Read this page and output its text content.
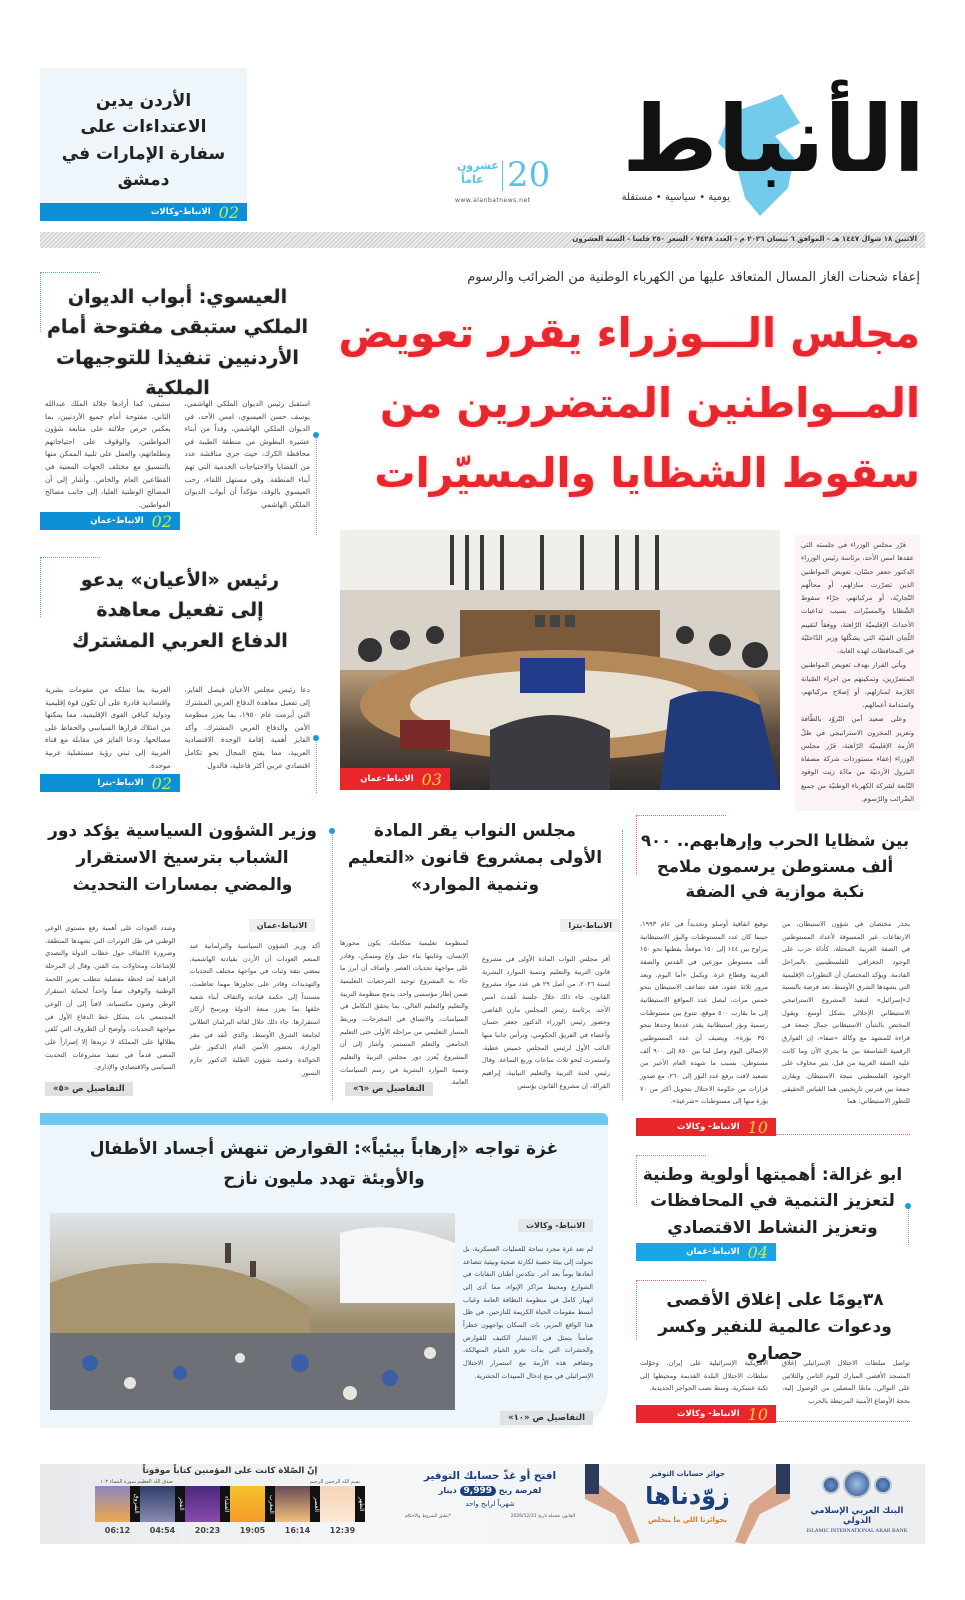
الأنباط
يومية • سياسية • مستقلة
20
عشرون
عاماً
www.alanbatnews.net
الأردن يدين الاعتداءات على سفارة الإمارات في دمشق
02
الانباط-وكالات
الاثنين ١٨ شوال ١٤٤٧ هـ - الموافق ٦ نيسان ٢٠٢٦ م - العدد ٧٤٢٨ - السعر ٢٥٠ فلسا - السنة العشرون
إعفاء شحنات الغاز المسال المتعاقد عليها من الكهرباء الوطنية من الضرائب والرسوم
مجلس الـــوزراء يقرر تعويض
المــواطنين المتضررين من
سقوط الشظايا والمسيّرات
03
الانباط-عمان

قرّر مجلس الوزراء في جلسته التي عقدها امس الأحد، برئاسة رئيس الوزراء الدكتور جعفر حسّان، تعويض المواطنين الذين تضرّرت منازلهم، أو محالّهم التّجاريّة، أو مركباتهم، جرّاء سقوط الشّظايا والمسيّرات بسبب تداعيات الأحداث الإقليميّة الرّاهنة، ووفقاً لتقييم اللّجان الفنيّة التي يشكّلها وزير الدّاخليّة في المحافظات لهذه الغاية.

ويأتي القرار بهدف تعويض المواطنين المتضرّرين، وتمكينهم من اجراء الصّيانة اللازمة لمنازلهم، أو إصلاح مركباتهم، واستدامة أعمالهم.

وعلى صعيد أمن التّزوّد بالطّاقة وتعزيز المخزون الاستراتيجي في ظلّ الأزمة الإقليميّة الرّاهنة، قرّر مجلس الوزراء إعفاء مستوردات شركة مصفاة البترول الأردنيّة من مادّة زيت الوقود التّابعة لشركة الكهرباء الوطنيّة من جميع الضّرائب والرّسوم.

العيسوي: أبواب الديوان الملكي ستبقى مفتوحة أمام الأردنيين تنفيذا للتوجيهات الملكية
استقبل رئيس الديوان الملكي الهاشمي، يوسف حسن العيسوي، امس الأحد، في الديوان الملكي الهاشمي، وفداً من أبناء عشيرة البطوش من منطقة الطيبة في محافظة الكرك، حيث جرى مناقشة عدد من القضايا والاحتياجات الخدمية التي تهم أبناء المنطقة. وفي مستهل اللقاء، رحب العيسوي بالوفد، مؤكداً أن أبواب الديوان الملكي الهاشمي
ستبقى، كما أرادها جلالة الملك عبدالله الثاني، مفتوحة أمام جميع الأردنيين، بما يعكس حرص جلالته على متابعة شؤون المواطنين، والوقوف على احتياجاتهم وتطلعاتهم، والعمل على تلبية الممكن منها بالتنسيق مع مختلف الجهات المعنية في القطاعين العام والخاص. وأشار إلى أن المصالح الوطنية العليا، إلى جانب مصالح المواطنين.
02
الانباط-عمان
رئيس «الأعيان» يدعو إلى تفعيل معاهدة الدفاع العربي المشترك
دعا رئيس مجلس الأعيان فيصل الفايز، إلى تفعيل معاهدة الدفاع العربي المشترك التي أبرمت عام ١٩٥٠، بما يعزز منظومة الأمن والدفاع العربي المشترك. وأكد الفايز أهمية إقامة الوحدة الاقتصادية العربية، مما يفتح المجال نحو تكامل اقتصادي عربي أكثر فاعلية، فالدول
العربية بما تملكه من مقومات بشرية واقتصادية قادرة على أن تكون قوة إقليمية ودولية كباقي القوى الإقليمية، مما يمكنها من امتلاك قرارها السياسي والحفاظ على مصالحها. ودعا الفايز في مقابلة مع قناة العربية إلى تبني رؤية مستقبلية عربية موحدة.
02
الانباط-بترا
بين شظايا الحرب وإرهابهم.. ٩٠٠ ألف مستوطن يرسمون ملامح نكبة موازية في الضفة
يحذر مختصان في شؤون الاستيطان، من الارتفاعات غير المسبوقة لأعداد المستوطنين في الضفة الغربية المحتلة، كأداة حرب على الوجود الجغرافي للفلسطينيين بالمراحل القادمة. ويؤكد المختصان أن التطورات الإقليمية التي يشهدها الشرق الأوسط، تعد فرصة بالنسبة لـ«إسرائيل» لتنفيذ المشروع الاستراتيجي الاستيطاني الإحلالي بشكل أوسع. ويقول المختص بالشأن الاستيطاني جمال جمعة في قراءة للمشهد مع وكالة «صفا»، إن الفوارق الرقمية الشاسعة بين ما يجري الآن وما كانت عليه الضفة الغربية من قبل، يثير مخاوف على الوجود الفلسطيني نتيجة الاستيطان. ويقارن جمعة بين فترتين تاريخيتين هما القياس الحقيقي للتطور الاستيطاني: هما
توقيع اتفاقية أوسلو وتحديداً في عام ١٩٩٣، حينما كان عدد المستوطنات والبؤر الاستيطانية يتراوح بين ١٤٤ إلى ١٥٠ موقعاً، يقطنها نحو ١٥٠ ألف مستوطن موزعين في القدس والضفة الغربية وقطاع غزة. ويكمل «أما اليوم، وبعد مرور ثلاثة عقود، فقد تضاعف الاستيطان بنحو خمس مرات، ليصل عدد المواقع الاستيطانية إلى ما يقارب ٥٠٠ موقع، تتنوع بين مستوطنات رسمية وبؤر استيطانية يقدر عددها وحدها بنحو ٣٥٠ بؤرة». ويضيف أن عدد المستوطنين الإجمالي اليوم وصل لما بين ٨٥٠ إلى ٩٠٠ ألف مستوطن، بسبب ما شهده العام الأخير من تصعيد لافت برفع عدد البؤر إلى ٢٦٠، مع صدور قرارات من حكومة الاحتلال بتحويل أكثر من ٧٠ بؤرة منها إلى مستوطنات «شرعية».
10
الانباط- وكالات
مجلس النواب يقر المادة الأولى بمشروع قانون «التعليم وتنمية الموارد»
الانباط-بترا
أقر مجلس النواب المادة الأولى في مشروع قانون التربية والتعليم وتنمية الموارد البشرية لسنة ٢٠٢٦، من أصل ٢٩ هي عدد مواد مشروع القانون. جاء ذلك خلال جلسة عُقدت امس الأحد، برئاسة رئيس المجلس مازن القاضي وحضور رئيس الوزراء الدكتور جعفر حسان وأعضاء في الفريق الحكومي، وترأس جانبا منها النائب الأول لرئيس المجلس خميس عطية، واستمرت لنحو ثلاث ساعات وربع الساعة. وقال رئيس لجنة التربية والتعليم النيابية، إبراهيم القرالة، إن مشروع القانون يؤسس
لمنظومة تعليمية متكاملة، يكون محورها الإنسان، وغايتها بناء جيل واع ومتمكن، وقادر على مواجهة تحديات العصر. وأضاف أن أبرز ما جاء به المشروع توحيد المرجعيات التعليمية ضمن إطار مؤسسي واحد، يدمج منظومة التربية والتعليم والتعليم العالي، بما يحقق التكامل في السياسات، والاتساق في المخرجات، ويربط المسار التعليمي من مراحله الأولى حتى التعليم الجامعي والتعلم المستمر. وأشار إلى أن المشروع يُعزز دور مجلس التربية والتعليم وتنمية الموارد البشرية في رسم السياسات العامة.
التفاصيل ص «٦»
وزير الشؤون السياسية يؤكد دور الشباب بترسيخ الاستقرار والمضي بمسارات التحديث
الانباط-عمان
أكد وزير الشؤون السياسية والبرلمانية عبد المنعم العودات أن الأردن بقيادته الهاشمية، يمضي بثقة وثبات في مواجهة مختلف التحديات والتهديدات وقادر على تجاوزها مهما تعاظمت، مستنداً إلى حكمة قيادته والتفاف أبناء شعبه خلفها بما يعزز منعة الدولة ويرسخ أركان استقرارها. جاء ذلك خلال لقائه البرلمان الطلابي لجامعة الشرق الأوسط، والذي عُقد في مقر الوزارة، بحضور الأمين العام الدكتور علي الخوالدة وعميد شؤون الطلبة الدكتور حازم النسور.
وشدد العودات على أهمية رفع مستوى الوعي الوطني في ظل التوترات التي تشهدها المنطقة، وضرورة الالتفاف حول خطاب الدولة والتصدي للإشاعات ومحاولات بث الفتن. وقال إن المرحلة الراهنة تُعد لحظة مفصلية تتطلب تعزيز اللحمة الوطنية والوقوف صفاً واحداً لحماية استقرار الوطن وصون مكتسباته، لافتاً إلى أن الوعي المجتمعي بات يشكل خط الدفاع الأول في مواجهة التحديات. وأوضح أن الظروف التي تُلقي بظلالها على المملكة لا تزيدها إلا إصراراً على المضي قدماً في تنفيذ مشروعات التحديث السياسي والاقتصادي والإداري.
التفاصيل ص «٥»
ابو غزالة: أهميتها أولوية وطنية لتعزيز التنمية في المحافظات وتعزيز النشاط الاقتصادي
04
الانباط-عمان
٣٨يومًا على إغلاق الأقصى ودعوات عالمية للنفير وكسر حصاره
تواصل سلطات الاحتلال الإسرائيلي إغلاق المسجد الأقصى المبارك لليوم الثامن والثلاثين على التوالي، مانعًا المصلين من الوصول إليه، بحجة الأوضاع الأمنية المرتبطة بالحرب
الأمريكية الإسرائيلية على إيران. وحوّلت سلطات الاحتلال البلدة القديمة ومحيطها إلى ثكنة عسكرية، وسط نصب الحواجز الحديدية.
10
الانباط- وكالات
غزة تواجه «إرهاباً بيئياً»: القوارض تنهش أجساد الأطفال والأوبئة تهدد مليون نازح
الانباط- وكالات
لم تعد غزة مجرد ساحة للعمليات العسكرية، بل تحولت إلى بيئة خصبة لكارثة صحية وبيئية تتصاعد أبعادها يوماً بعد آخر. تتكدس أطنان النفايات في الشوارع ومحيط مراكز الإيواء، مما أدى إلى انهيار كامل في منظومة النظافة العامة وغياب أبسط مقومات الحياة الكريمة للنازحين. في ظل هذا الواقع المرير، بات السكان يواجهون خطراً صامتاً يتمثل في الانتشار الكثيف للقوارض والحشرات التي بدأت تغزو الخيام المتهالكة، وتتفاقم هذه الأزمة مع استمرار الاحتلال الإسرائيلي في منع إدخال المبيدات الحشرية.
التفاصيل ص «١٠»
إنّ الصّلاة كانت على المؤمنين كتاباً موقوتاً
بسم الله الرحمن الرحيم
صدق الله العظيم سورة النساء ١٠٣
الظهر
العصر
المغرب
العشاء
الفجر
الشروق
12:39
16:14
19:05
20:23
04:54
06:12
افتح أو غذّ حسابك التوفير
لفرصة ربح 9,999 دينار
شهرياً لرابح واحد
القانون تنجمله تاريخ 2026/12/31
*تطبق الشروط والأحكام
جوائز حسابات التوفير
زوّدناها
بجوائزنا اللي ما بتخلص
البنك العربي الإسلامي الدولي
ISLAMIC INTERNATIONAL ARAB BANK
